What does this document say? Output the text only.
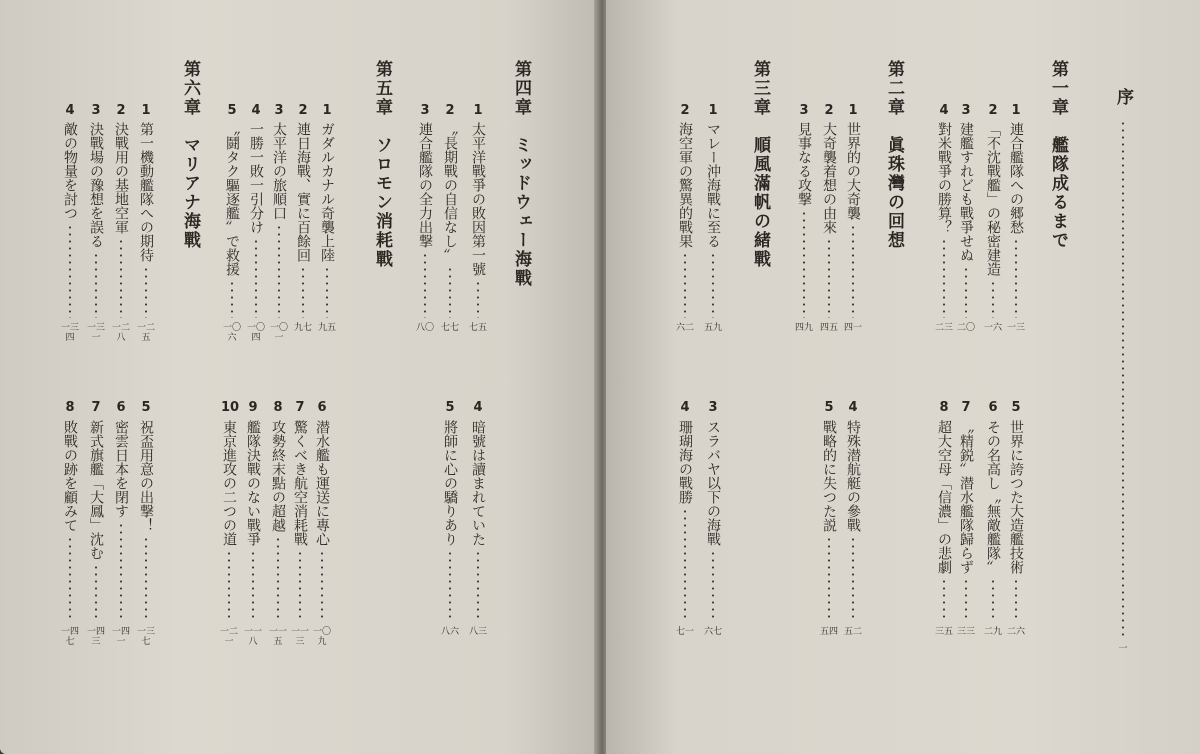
序
一
第一章　艦隊成るまで
1
連合艦隊への郷愁
一三
2
「不沈戰艦」の秘密建造
一六
3
建艦すれども戰爭せぬ
二〇
4
對米戰爭の勝算？
二三
5
世界に誇つた大造艦技術
二六
6
その名高し〝無敵艦隊〟
二九
7
〝精鋭〟潜水艦隊歸らず
三三
8
超大空母「信濃」の悲劇
三五
第二章　眞珠灣の回想
1
世界的の大奇襲
四一
2
大奇襲着想の由來
四五
3
見事なる攻撃
四九
4
特殊潜航艇の參戰
五二
5
戰略的に失つた説
五四
第三章　順風滿帆の緒戰
1
マレー沖海戰に至る
五九
2
海空軍の驚異的戰果
六二
3
スラバヤ以下の海戰
六七
4
珊瑚海の戰勝
七一
第四章　ミッドウェー海戰
1
太平洋戰爭の敗因第一號
七五
2
〝長期戰の自信なし〟
七七
3
連合艦隊の全力出撃
八〇
4
暗號は讀まれていた
八三
5
將師に心の驕りあり
八六
第五章　ソロモン消耗戰
1
ガダルカナル奇襲上陸
九五
2
連日海戰、實に百餘回
九七
3
太平洋の旅順口
一〇一
4
一勝一敗一引分け
一〇四
5
〝鬪タク驅逐艦〟で救援
一〇六
6
潜水艦も運送に專心
一〇九
7
驚くべき航空消耗戰
一一三
8
攻勢終末點の超越
一一五
9
艦隊決戰のない戰爭
一一八
10
東京進攻の二つの道
一二一
第六章　マリアナ海戰
1
第一機動艦隊への期待
一二五
2
決戰用の基地空軍
一二八
3
決戰場の豫想を誤る
一三一
4
敵の物量を討つ
一三四
5
祝盃用意の出撃！
一三七
6
密雲日本を閉す
一四一
7
新式旗艦「大鳳」沈む
一四三
8
敗戰の跡を顧みて
一四七
